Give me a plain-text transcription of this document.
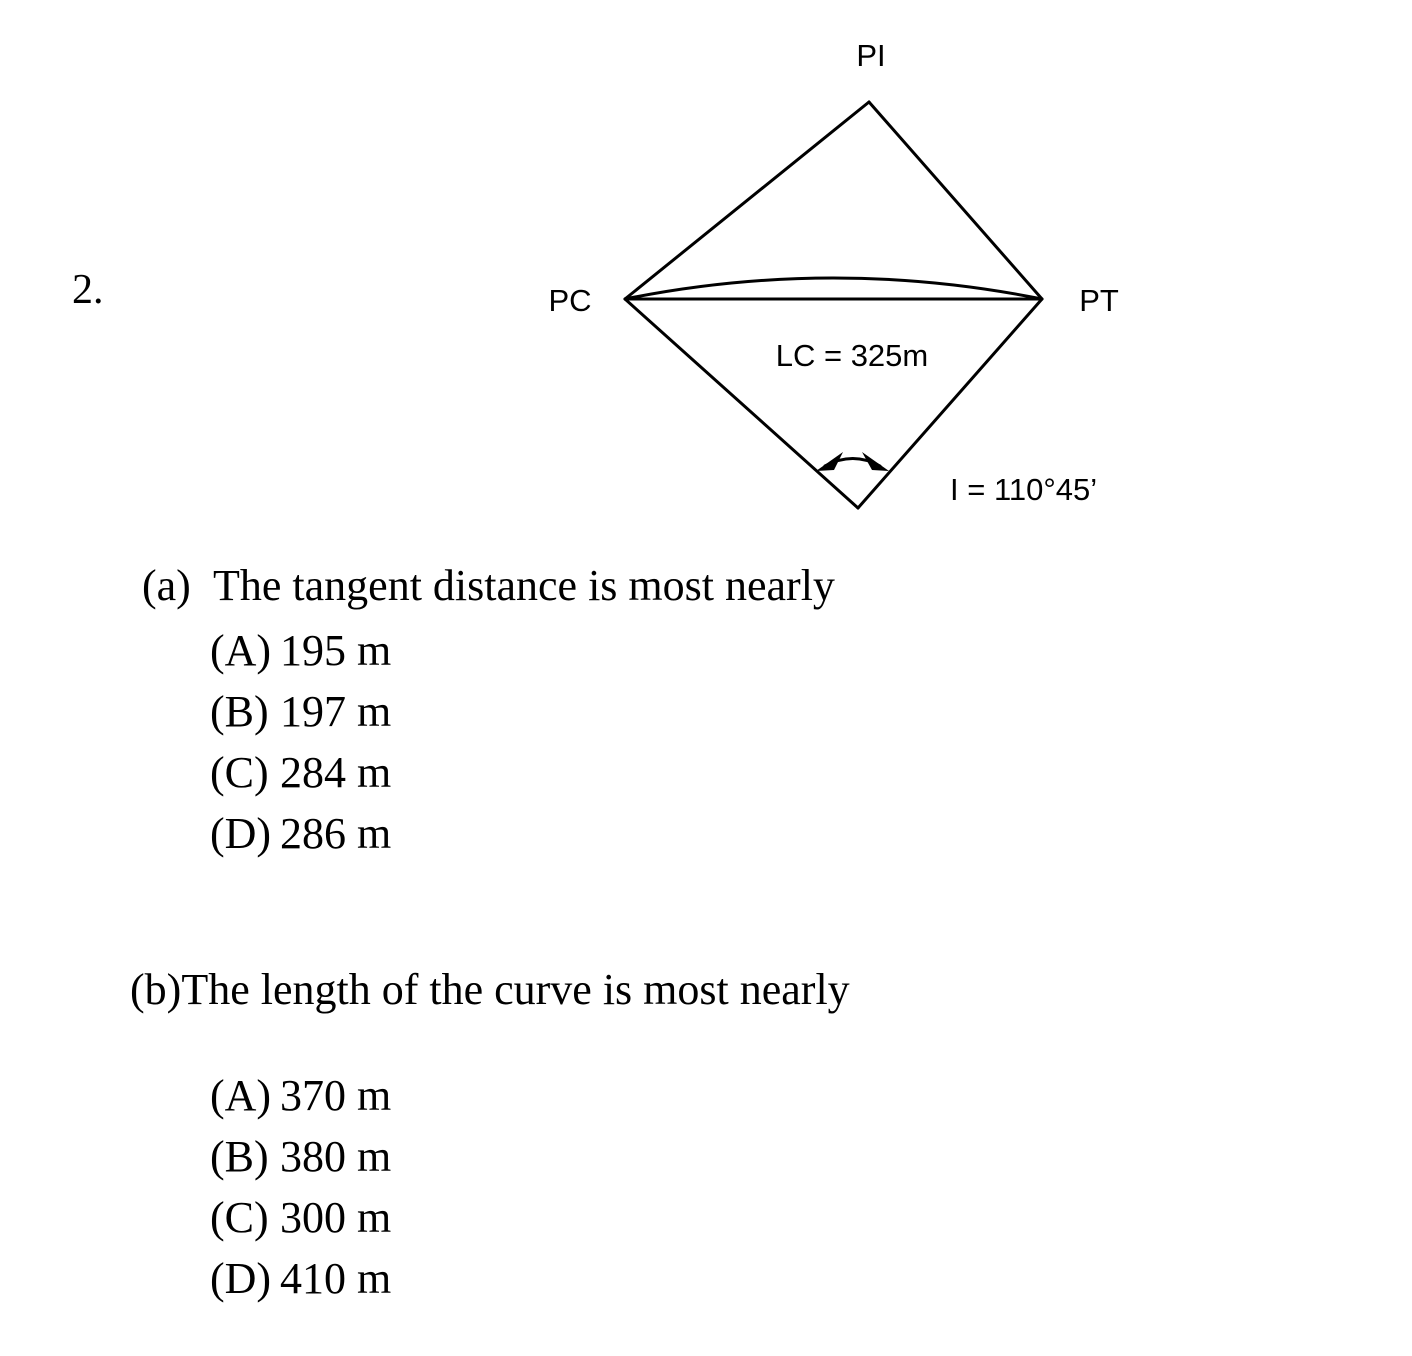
2.
PI
PC	PT
LC = 325m
I = 110°45’
(a) The tangent distance is most nearly
(A) 195 m
(B) 197 m
(C) 284 m
(D) 286 m
(b)The length of the curve is most nearly
(A) 370 m
(B) 380 m
(C) 300 m
(D) 410 m
